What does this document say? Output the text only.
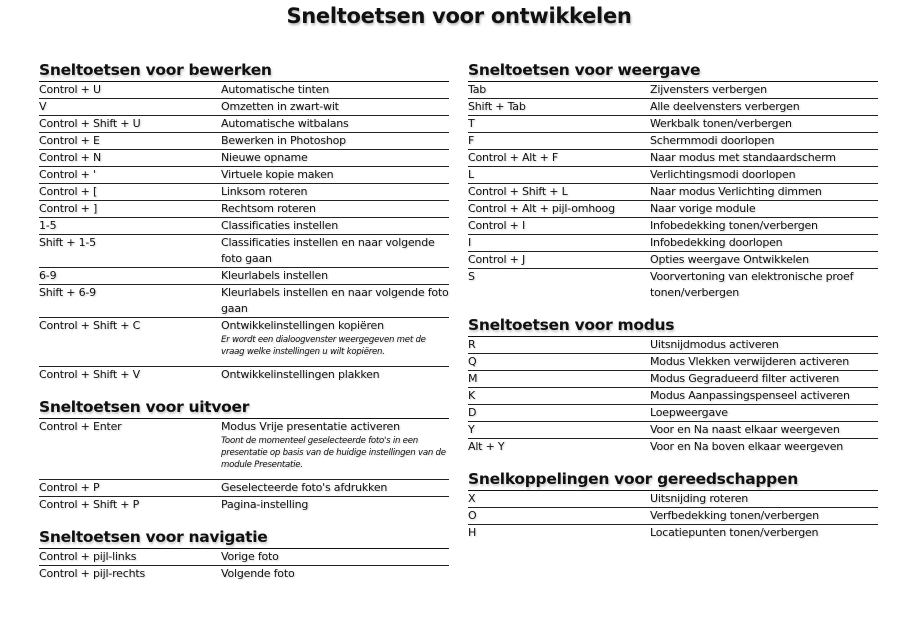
Sneltoetsen voor ontwikkelen
Sneltoetsen voor bewerken
Control + U	Automatische tinten
V	Omzetten in zwart-wit
Control + Shift + U	Automatische witbalans
Control + E	Bewerken in Photoshop
Control + N	Nieuwe opname
Control + '	Virtuele kopie maken
Control + [	Linksom roteren
Control + ]	Rechtsom roteren
1-5	Classificaties instellen
Shift + 1-5	Classificaties instellen en naar volgende foto gaan
6-9	Kleurlabels instellen
Shift + 6-9	Kleurlabels instellen en naar volgende foto gaan
Control + Shift + C	Ontwikkelinstellingen kopiëren
Er wordt een dialoogvenster weergegeven met de vraag welke instellingen u wilt kopiëren.
Control + Shift + V	Ontwikkelinstellingen plakken
Sneltoetsen voor uitvoer
Control + Enter	Modus Vrije presentatie activeren
Toont de momenteel geselecteerde foto's in een presentatie op basis van de huidige instellingen van de module Presentatie.
Control + P	Geselecteerde foto's afdrukken
Control + Shift + P	Pagina-instelling
Sneltoetsen voor navigatie
Control + pijl-links	Vorige foto
Control + pijl-rechts	Volgende foto
Sneltoetsen voor weergave
Tab	Zijvensters verbergen
Shift + Tab	Alle deelvensters verbergen
T	Werkbalk tonen/verbergen
F	Schermmodi doorlopen
Control + Alt + F	Naar modus met standaardscherm
L	Verlichtingsmodi doorlopen
Control + Shift + L	Naar modus Verlichting dimmen
Control + Alt + pijl-omhoog	Naar vorige module
Control + I	Infobedekking tonen/verbergen
I	Infobedekking doorlopen
Control + J	Opties weergave Ontwikkelen
S	Voorvertoning van elektronische proef tonen/verbergen
Sneltoetsen voor modus
R	Uitsnijdmodus activeren
Q	Modus Vlekken verwijderen activeren
M	Modus Gegradueerd filter activeren
K	Modus Aanpassingspenseel activeren
D	Loepweergave
Y	Voor en Na naast elkaar weergeven
Alt + Y	Voor en Na boven elkaar weergeven
Snelkoppelingen voor gereedschappen
X	Uitsnijding roteren
O	Verfbedekking tonen/verbergen
H	Locatiepunten tonen/verbergen
